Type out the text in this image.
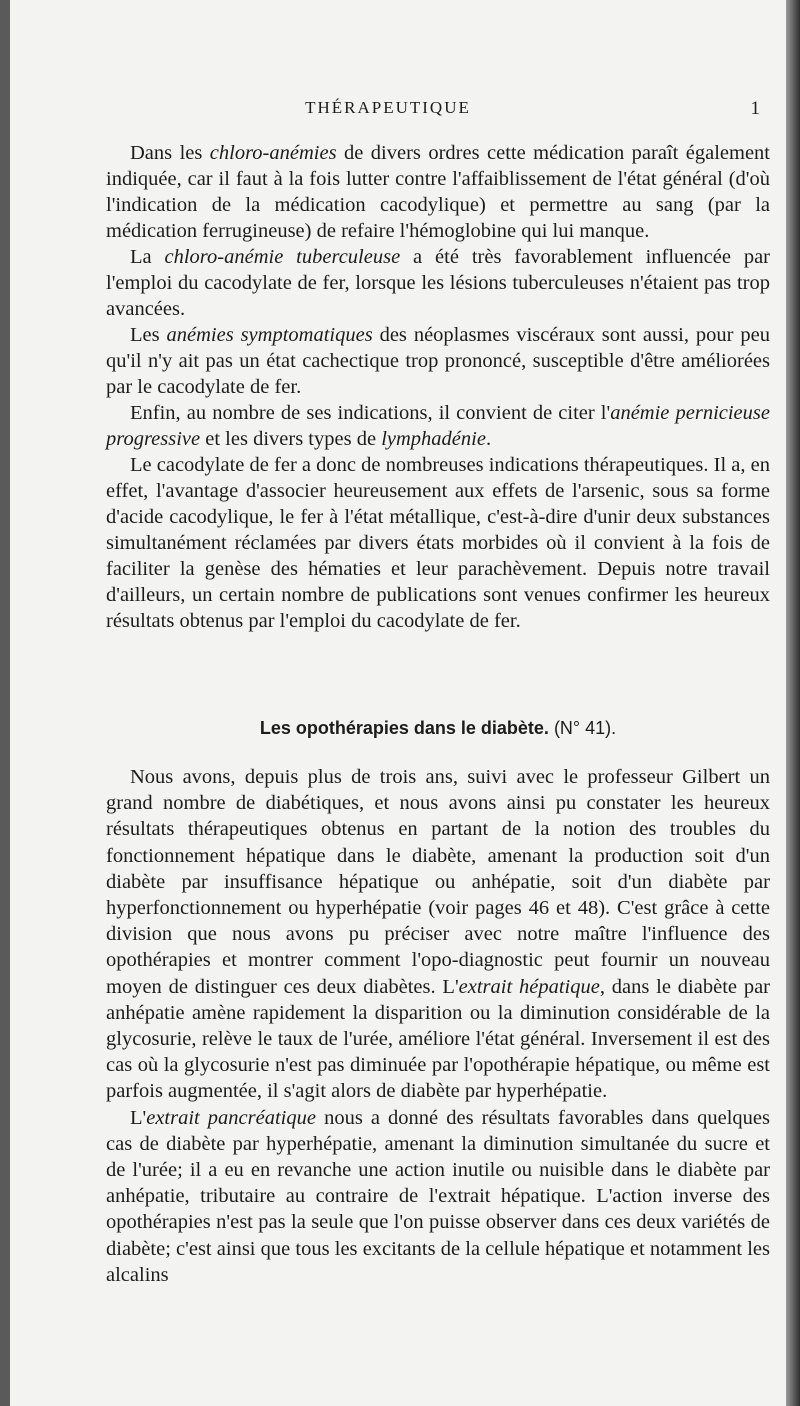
THÉRAPEUTIQUE	1

Dans les chloro-anémies de divers ordres cette médication paraît également indiquée, car il faut à la fois lutter contre l'affaiblissement de l'état général (d'où l'indication de la médication cacodylique) et permettre au sang (par la médication ferrugineuse) de refaire l'hémoglobine qui lui manque.

La chloro-anémie tuberculeuse a été très favorablement influencée par l'emploi du cacodylate de fer, lorsque les lésions tuberculeuses n'étaient pas trop avancées.

Les anémies symptomatiques des néoplasmes viscéraux sont aussi, pour peu qu'il n'y ait pas un état cachectique trop prononcé, susceptible d'être améliorées par le cacodylate de fer.

Enfin, au nombre de ses indications, il convient de citer l'anémie pernicieuse progressive et les divers types de lymphadénie.

Le cacodylate de fer a donc de nombreuses indications thérapeutiques. Il a, en effet, l'avantage d'associer heureusement aux effets de l'arsenic, sous sa forme d'acide cacodylique, le fer à l'état métallique, c'est-à-dire d'unir deux substances simultanément réclamées par divers états morbides où il convient à la fois de faciliter la genèse des hématies et leur parachèvement. Depuis notre travail d'ailleurs, un certain nombre de publications sont venues confirmer les heureux résultats obtenus par l'emploi du cacodylate de fer.

Les opothérapies dans le diabète. (N° 41).

Nous avons, depuis plus de trois ans, suivi avec le professeur Gilbert un grand nombre de diabétiques, et nous avons ainsi pu constater les heureux résultats thérapeutiques obtenus en partant de la notion des troubles du fonctionnement hépatique dans le diabète, amenant la production soit d'un diabète par insuffisance hépatique ou anhépatie, soit d'un diabète par hyperfonctionnement ou hyperhépatie (voir pages 46 et 48). C'est grâce à cette division que nous avons pu préciser avec notre maître l'influence des opothérapies et montrer comment l'opo-diagnostic peut fournir un nouveau moyen de distinguer ces deux diabètes. L'extrait hépatique, dans le diabète par anhépatie amène rapidement la disparition ou la diminution considérable de la glycosurie, relève le taux de l'urée, améliore l'état général. Inversement il est des cas où la glycosurie n'est pas diminuée par l'opothérapie hépatique, ou même est parfois augmentée, il s'agit alors de diabète par hyperhépatie.

L'extrait pancréatique nous a donné des résultats favorables dans quelques cas de diabète par hyperhépatie, amenant la diminution simultanée du sucre et de l'urée; il a eu en revanche une action inutile ou nuisible dans le diabète par anhépatie, tributaire au contraire de l'extrait hépatique. L'action inverse des opothérapies n'est pas la seule que l'on puisse observer dans ces deux variétés de diabète; c'est ainsi que tous les excitants de la cellule hépatique et notamment les alcalins
